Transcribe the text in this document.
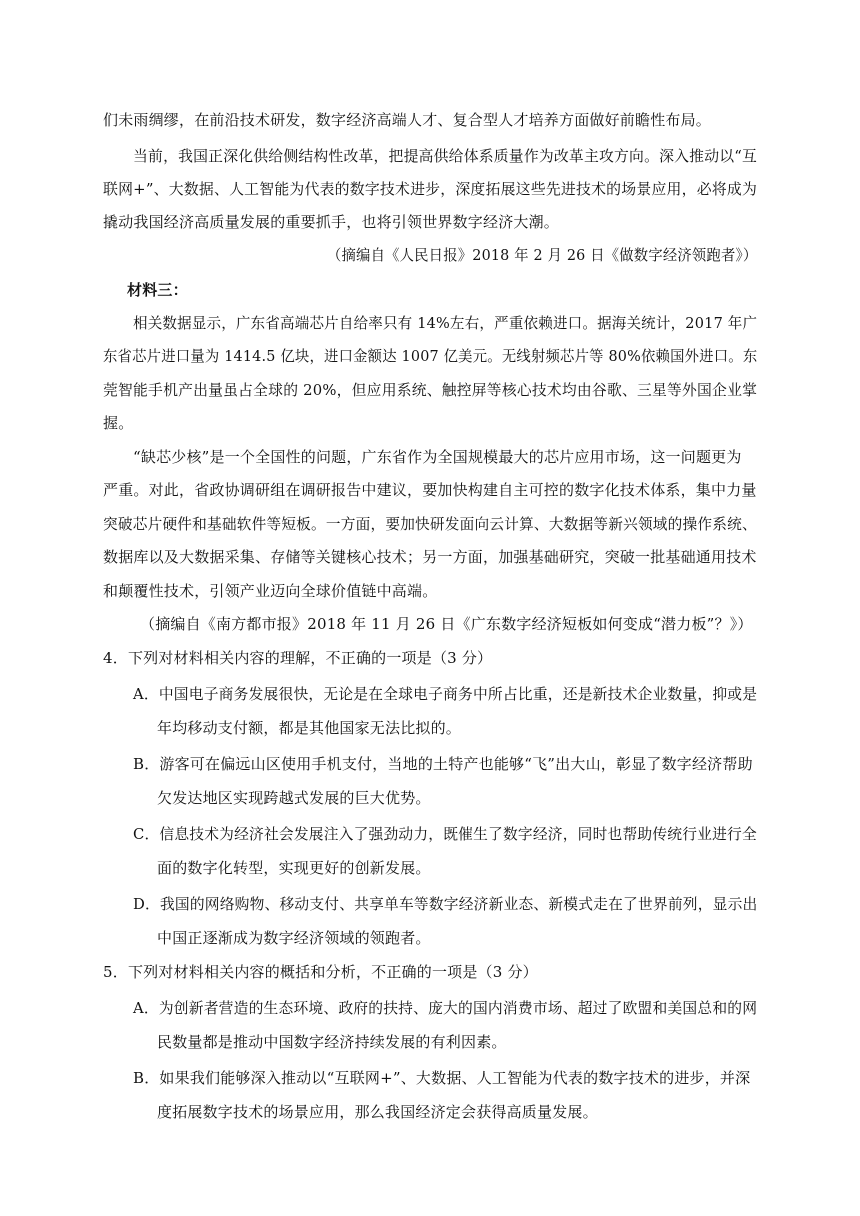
们未雨绸缪，在前沿技术研发，数字经济高端人才、复合型人才培养方面做好前瞻性布局。
当前，我国正深化供给侧结构性改革，把提高供给体系质量作为改革主攻方向。深入推动以“互
联网+”、大数据、人工智能为代表的数字技术进步，深度拓展这些先进技术的场景应用，必将成为
撬动我国经济高质量发展的重要抓手，也将引领世界数字经济大潮。
（摘编自《人民日报》2018 年 2 月 26 日《做数字经济领跑者》）
材料三：
相关数据显示，广东省高端芯片自给率只有 14%左右，严重依赖进口。据海关统计，2017 年广
东省芯片进口量为 1414.5 亿块，进口金额达 1007 亿美元。无线射频芯片等 80%依赖国外进口。东
莞智能手机产出量虽占全球的 20%，但应用系统、触控屏等核心技术均由谷歌、三星等外国企业掌
握。
“缺芯少核”是一个全国性的问题，广东省作为全国规模最大的芯片应用市场，这一问题更为
严重。对此，省政协调研组在调研报告中建议，要加快构建自主可控的数字化技术体系，集中力量
突破芯片硬件和基础软件等短板。一方面，要加快研发面向云计算、大数据等新兴领域的操作系统、
数据库以及大数据采集、存储等关键核心技术；另一方面，加强基础研究，突破一批基础通用技术
和颠覆性技术，引领产业迈向全球价值链中高端。
（摘编自《南方都市报》2018 年 11 月 26 日《广东数字经济短板如何变成“潜力板”？》）
4．下列对材料相关内容的理解，不正确的一项是（3 分）
A．中国电子商务发展很快，无论是在全球电子商务中所占比重，还是新技术企业数量，抑或是
年均移动支付额，都是其他国家无法比拟的。
B．游客可在偏远山区使用手机支付，当地的土特产也能够“飞”出大山，彰显了数字经济帮助
欠发达地区实现跨越式发展的巨大优势。
C．信息技术为经济社会发展注入了强劲动力，既催生了数字经济，同时也帮助传统行业进行全
面的数字化转型，实现更好的创新发展。
D．我国的网络购物、移动支付、共享单车等数字经济新业态、新模式走在了世界前列，显示出
中国正逐渐成为数字经济领域的领跑者。
5．下列对材料相关内容的概括和分析，不正确的一项是（3 分）
A．为创新者营造的生态环境、政府的扶持、庞大的国内消费市场、超过了欧盟和美国总和的网
民数量都是推动中国数字经济持续发展的有利因素。
B．如果我们能够深入推动以“互联网+”、大数据、人工智能为代表的数字技术的进步，并深
度拓展数字技术的场景应用，那么我国经济定会获得高质量发展。
